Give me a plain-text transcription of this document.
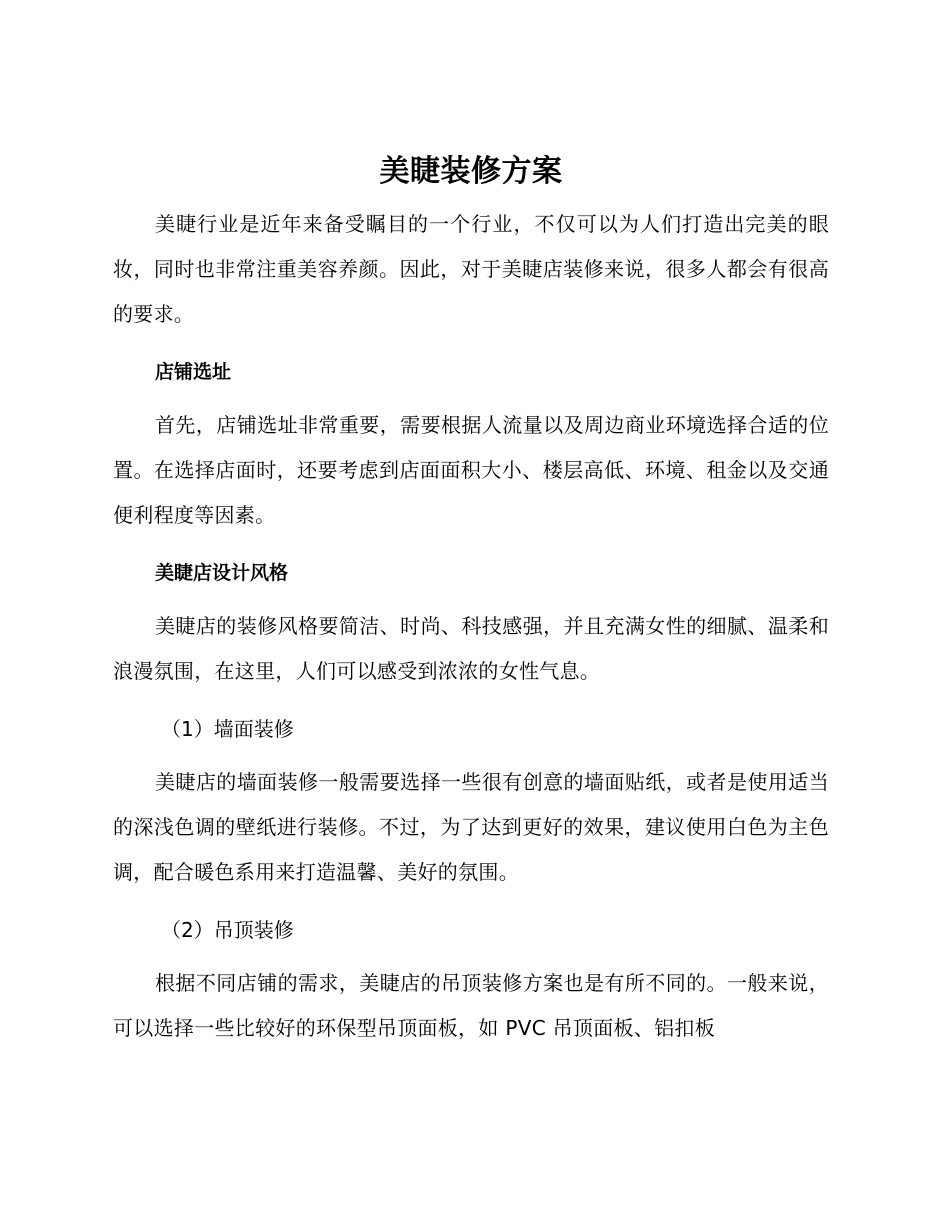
美睫装修方案

美睫行业是近年来备受瞩目的一个行业，不仅可以为人们打造出完美的眼妆，同时也非常注重美容养颜。因此，对于美睫店装修来说，很多人都会有很高的要求。

店铺选址

首先，店铺选址非常重要，需要根据人流量以及周边商业环境选择合适的位置。在选择店面时，还要考虑到店面面积大小、楼层高低、环境、租金以及交通便利程度等因素。

美睫店设计风格

美睫店的装修风格要简洁、时尚、科技感强，并且充满女性的细腻、温柔和浪漫氛围，在这里，人们可以感受到浓浓的女性气息。

（1）墙面装修

美睫店的墙面装修一般需要选择一些很有创意的墙面贴纸，或者是使用适当的深浅色调的壁纸进行装修。不过，为了达到更好的效果，建议使用白色为主色调，配合暖色系用来打造温馨、美好的氛围。

（2）吊顶装修

根据不同店铺的需求，美睫店的吊顶装修方案也是有所不同的。一般来说，可以选择一些比较好的环保型吊顶面板，如 PVC 吊顶面板、铝扣板
